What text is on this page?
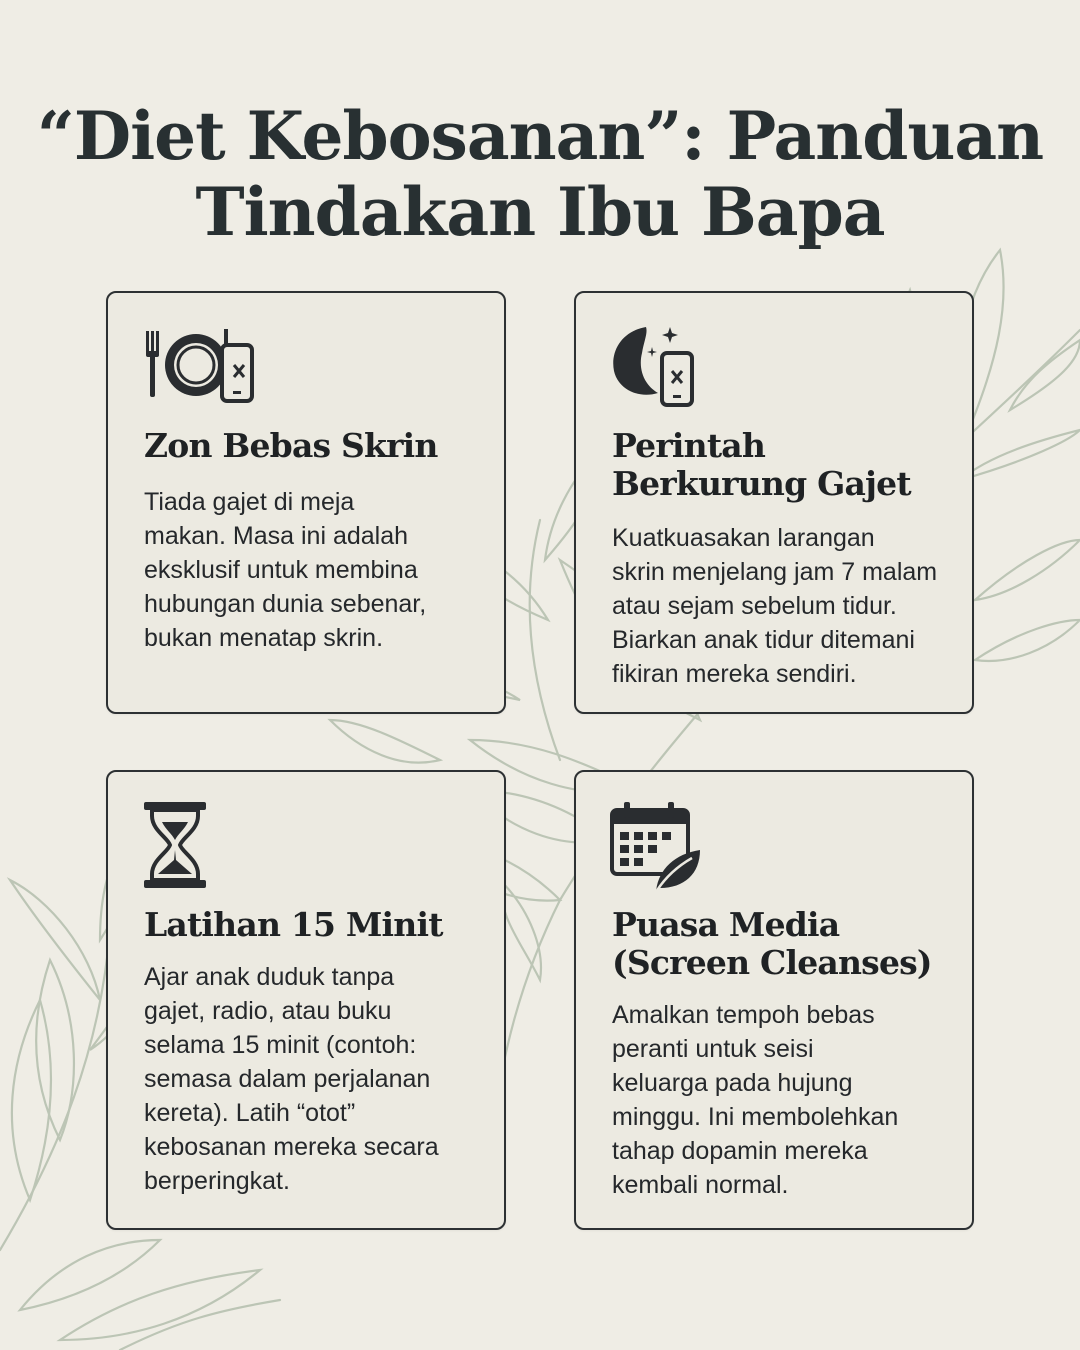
“Diet Kebosanan”: Panduan
Tindakan Ibu Bapa
Zon Bebas Skrin

Tiada gajet di meja
makan. Masa ini adalah
eksklusif untuk membina
hubungan dunia sebenar,
bukan menatap skrin.

Perintah Berkurung Gajet

Kuatkuasakan larangan
skrin menjelang jam 7 malam
atau sejam sebelum tidur.
Biarkan anak tidur ditemani
fikiran mereka sendiri.

Latihan 15 Minit

Ajar anak duduk tanpa
gajet, radio, atau buku
selama 15 minit (contoh:
semasa dalam perjalanan
kereta). Latih “otot”
kebosanan mereka secara
berperingkat.

Puasa Media (Screen Cleanses)

Amalkan tempoh bebas
peranti untuk seisi
keluarga pada hujung
minggu. Ini membolehkan
tahap dopamin mereka
kembali normal.
